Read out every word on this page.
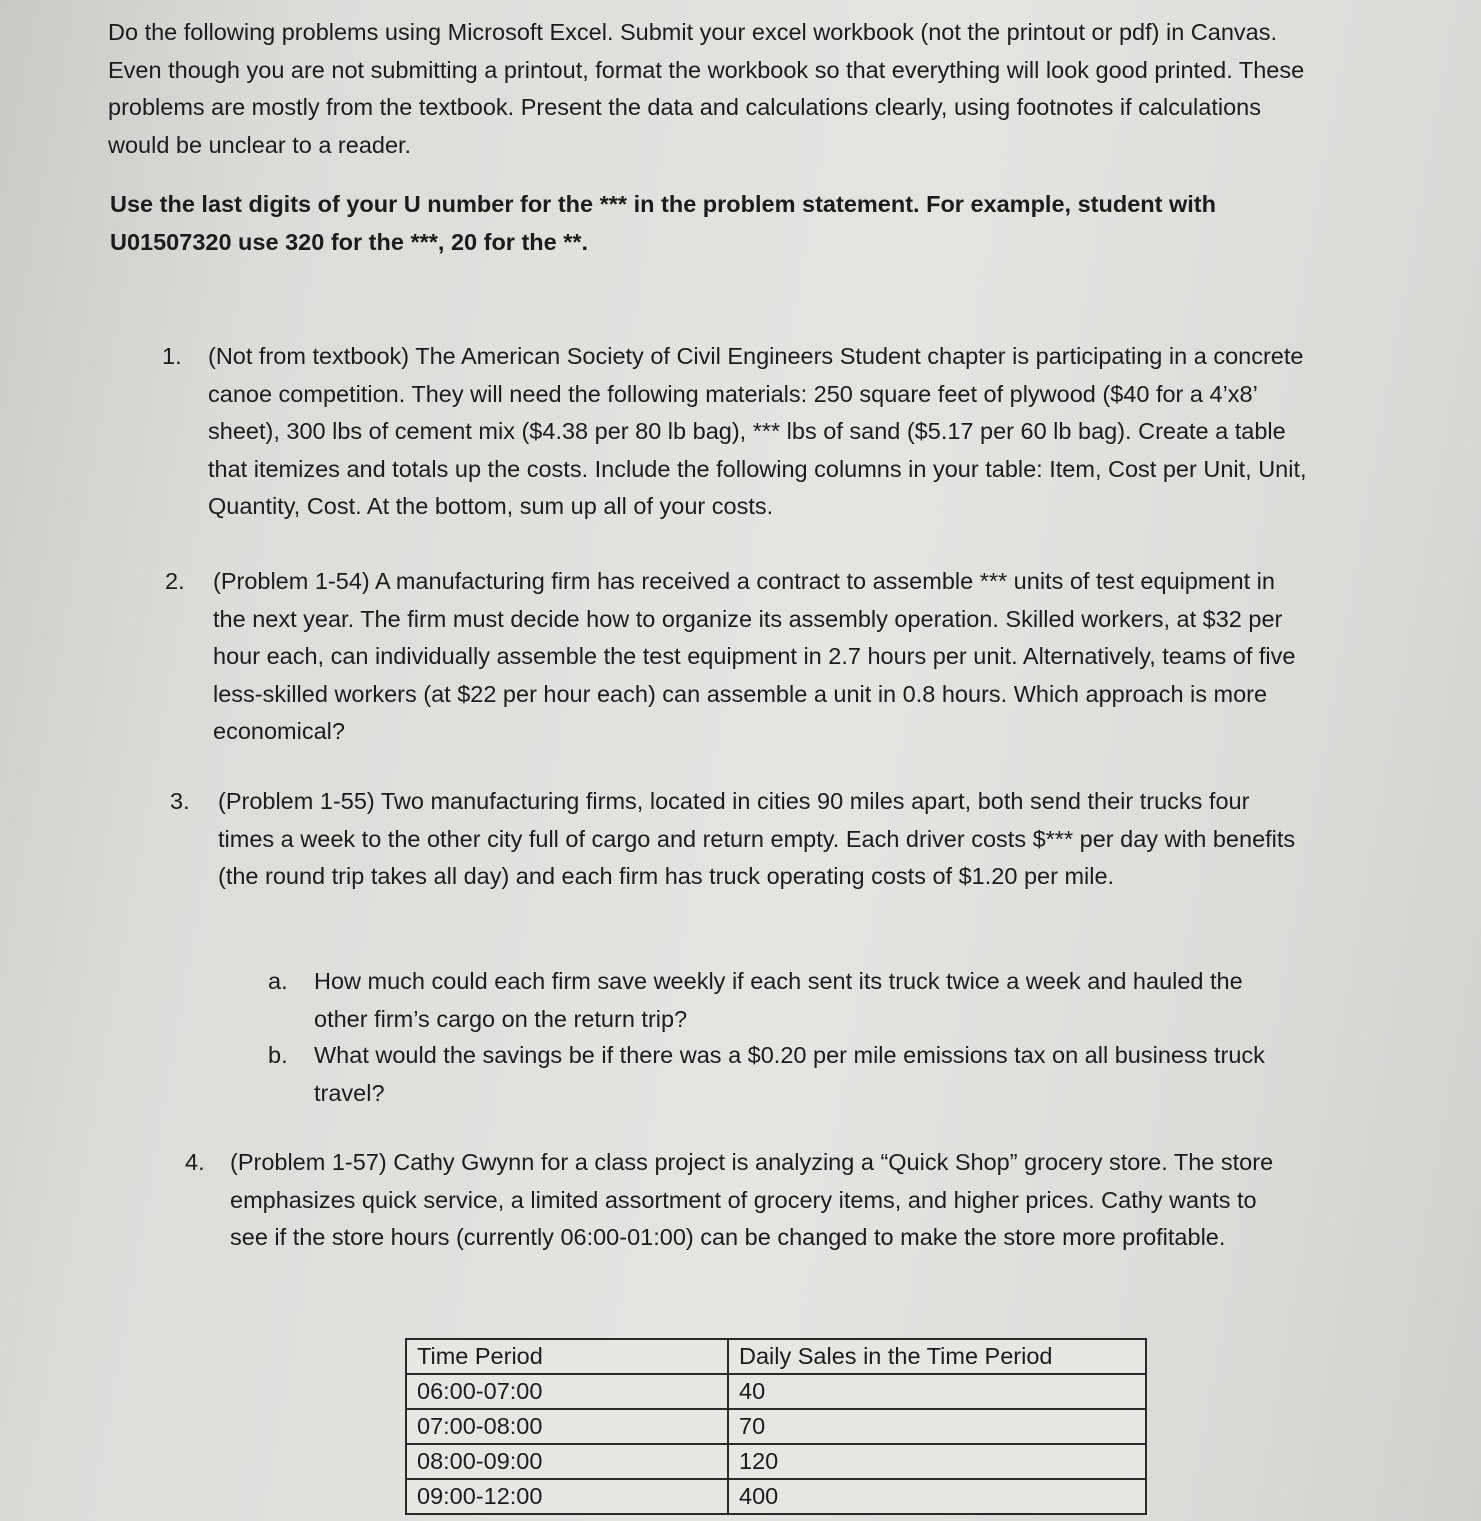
Do the following problems using Microsoft Excel. Submit your excel workbook (not the printout or pdf) in Canvas. Even though you are not submitting a printout, format the workbook so that everything will look good printed. These problems are mostly from the textbook. Present the data and calculations clearly, using footnotes if calculations would be unclear to a reader.

Use the last digits of your U number for the *** in the problem statement. For example, student with U01507320 use 320 for the ***, 20 for the **.

1.	(Not from textbook) The American Society of Civil Engineers Student chapter is participating in a concrete canoe competition. They will need the following materials: 250 square feet of plywood ($40 for a 4’x8’ sheet), 300 lbs of cement mix ($4.38 per 80 lb bag), *** lbs of sand ($5.17 per 60 lb bag). Create a table that itemizes and totals up the costs. Include the following columns in your table: Item, Cost per Unit, Unit, Quantity, Cost. At the bottom, sum up all of your costs.
2.	(Problem 1-54) A manufacturing firm has received a contract to assemble *** units of test equipment in the next year. The firm must decide how to organize its assembly operation. Skilled workers, at $32 per hour each, can individually assemble the test equipment in 2.7 hours per unit. Alternatively, teams of five less-skilled workers (at $22 per hour each) can assemble a unit in 0.8 hours. Which approach is more economical?
3.	(Problem 1-55) Two manufacturing firms, located in cities 90 miles apart, both send their trucks four times a week to the other city full of cargo and return empty. Each driver costs $*** per day with benefits (the round trip takes all day) and each firm has truck operating costs of $1.20 per mile.
a.	How much could each firm save weekly if each sent its truck twice a week and hauled the other firm’s cargo on the return trip?
b.	What would the savings be if there was a $0.20 per mile emissions tax on all business truck travel?
4.	(Problem 1-57) Cathy Gwynn for a class project is analyzing a “Quick Shop” grocery store. The store emphasizes quick service, a limited assortment of grocery items, and higher prices. Cathy wants to see if the store hours (currently 06:00-01:00) can be changed to make the store more profitable.
Time Period	Daily Sales in the Time Period
06:00-07:00	40
07:00-08:00	70
08:00-09:00	120
09:00-12:00	400
